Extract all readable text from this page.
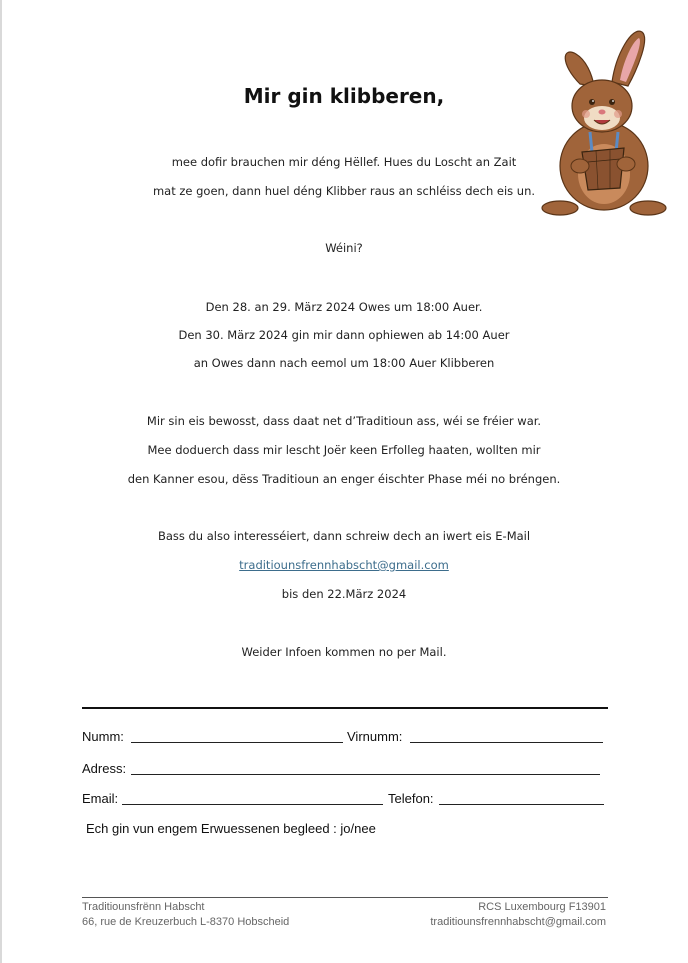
Mir gin klibberen,
mee dofir brauchen mir déng Hëllef. Hues du Loscht an Zait
mat ze goen, dann huel déng Klibber raus an schléiss dech eis un.
Wéini?
Den 28. an 29. März 2024 Owes um 18:00 Auer.
Den 30. März 2024 gin mir dann ophiewen ab 14:00 Auer
an Owes dann nach eemol um 18:00 Auer Klibberen
Mir sin eis bewosst, dass daat net d’Traditioun ass, wéi se fréier war.
Mee doduerch dass mir lescht Joër keen Erfolleg haaten, wollten mir
den Kanner esou, dëss Traditioun an enger éischter Phase méi no bréngen.
Bass du also interesséiert, dann schreiw dech an iwert eis E-Mail
traditiounsfrennhabscht@gmail.com
bis den 22.März 2024
Weider Infoen kommen no per Mail.
Numm:	Virnumm:
Adress:
Email:	Telefon:
Ech gin vun engem Erwuessenen begleed : jo/nee
Traditiounsfrënn Habscht
66, rue de Kreuzerbuch L-8370 Hobscheid
RCS Luxembourg F13901
traditiounsfrennhabscht@gmail.com
